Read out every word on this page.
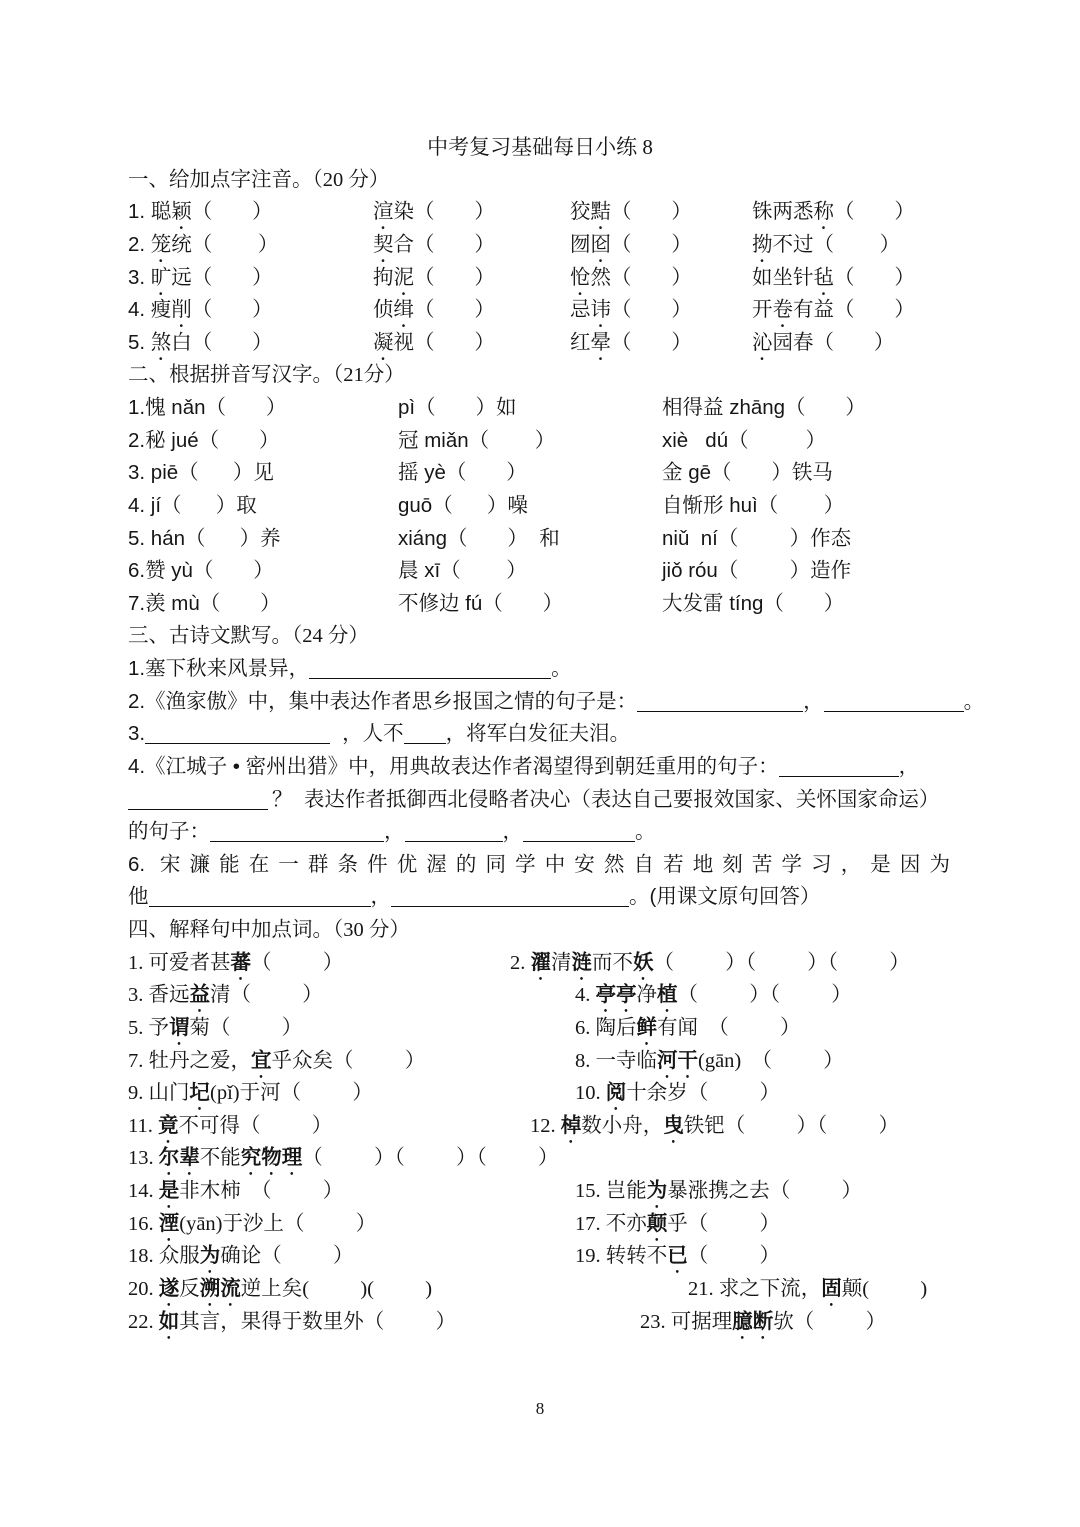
中考复习基础每日小练 8
一、给加点字注音。（20 分）
1. 聪颖（       ）	渲染（       ）	狡黠（       ）	铢两悉称（       ）
2. 笼统（        ）	契合（       ）	囫囵（       ）	拗不过（        ）
3. 旷远（       ）	拘泥（       ）	怆然（       ）	如坐针毡（       ）
4. 瘦削（       ）	侦缉（       ）	忌讳（       ）	开卷有益（       ）
5. 煞白（       ）	凝视（       ）	红晕（       ）	沁园春（       ）
二、根据拼音写汉字。（21分）
1.愧 nǎn（       ）	pì（       ）如	相得益 zhāng（       ）
2.秘 jué（       ）	冠 miǎn（        ）	xiè   dú（          ）
3. piē（      ）见	摇 yè（       ）	金 gē（       ）铁马
4. jí（      ）取	guō（      ）噪	自惭形 huì（        ）
5. hán（      ）养	xiáng（       ）  和	niǔ  ní（         ）作态
6.赞 yù（       ）	晨 xī（        ）	jiǒ róu（         ）造作
7.羡 mù（       ）	不修边 fú（       ）	大发雷 tíng（       ）
三、古诗文默写。（24 分）
1.塞下秋来风景异，	。
2.《渔家傲》中，集中表达作者思乡报国之情的句子是：	，	。
3.	，人不 ，将军白发征夫泪。
4.《江城子 • 密州出猎》中，用典故表达作者渴望得到朝廷重用的句子：	，
？  表达作者抵御西北侵略者决心（表达自己要报效国家、关怀国家命运）
的句子：	，	，	。
6. 宋濂能在一群条件优渥的同学中安然自若地刻苦学习，是因为
他	，	。(用课文原句回答）
四、解释句中加点词。（30 分）
1. 可爱者甚蕃（          ）	2. 濯清涟而不妖（          ）（          ）（          ）
3. 香远益清（          ）	4. 亭亭净植（          ）（          ）
5. 予谓菊（          ）	6. 陶后鲜有闻  （          ）
7. 牡丹之爱，宜乎众矣（          ）	8. 一寺临河干(gān)  （          ）
9. 山门圮(pǐ)于河（          ）	10. 阅十余岁（          ）
11. 竟不可得（          ）	12. 棹数小舟，曳铁钯（          ）（          ）
13. 尔辈不能究物理（          ）（          ）（          ）
14. 是非木柿  （          ）	15. 岂能为暴涨携之去（          ）
16. 湮(yān)于沙上（          ）	17. 不亦颠乎（          ）
18. 众服为确论（          ）	19. 转转不已（          ）
20. 遂反溯流逆上矣(          )(          )	21. 求之下流，固颠(          )
22. 如其言，果得于数里外（          ）	23. 可据理臆断欤（          ）
8
